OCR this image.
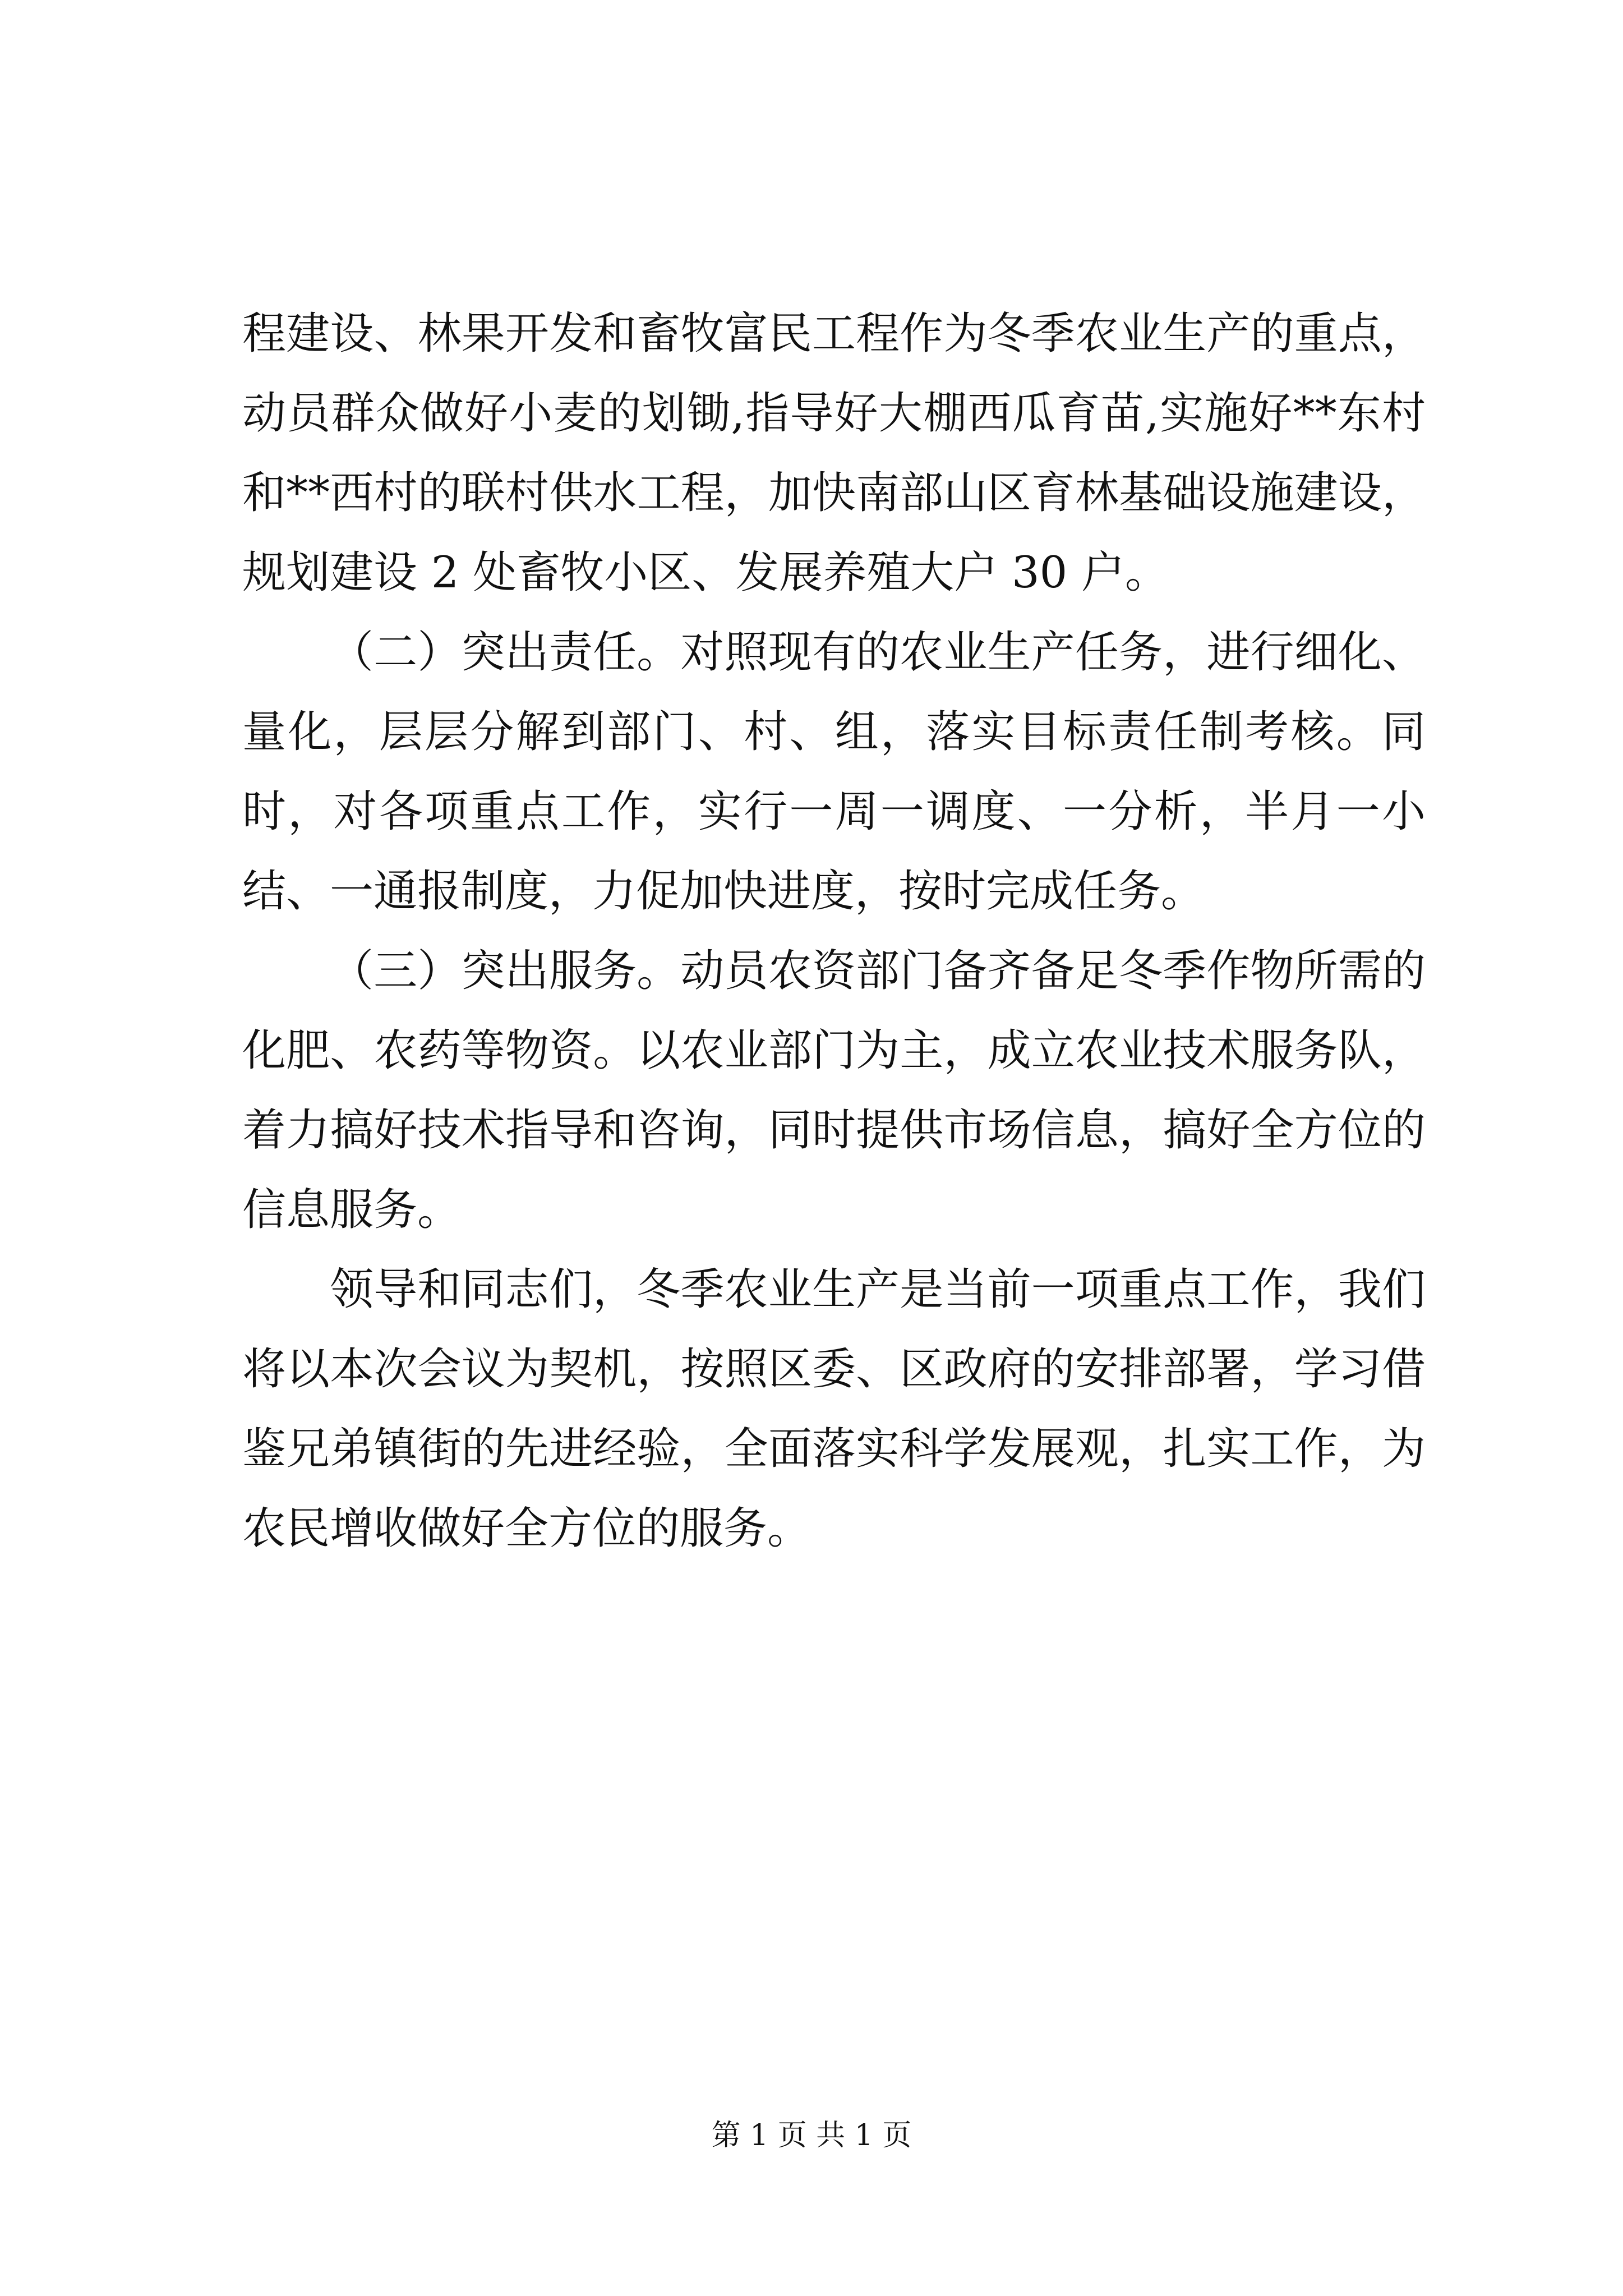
程建设、林果开发和畜牧富民工程作为冬季农业生产的重点，动员群众做好小麦的划锄,指导好大棚西瓜育苗,实施好**东村和**西村的联村供水工程，加快南部山区育林基础设施建设，规划建设 2 处畜牧小区、发展养殖大户 30 户。

（二）突出责任。对照现有的农业生产任务，进行细化、量化，层层分解到部门、村、组，落实目标责任制考核。同时，对各项重点工作，实行一周一调度、一分析，半月一小结、一通报制度，力促加快进度，按时完成任务。

（三）突出服务。动员农资部门备齐备足冬季作物所需的化肥、农药等物资。以农业部门为主，成立农业技术服务队，着力搞好技术指导和咨询，同时提供市场信息，搞好全方位的信息服务。

领导和同志们，冬季农业生产是当前一项重点工作，我们将以本次会议为契机，按照区委、区政府的安排部署，学习借鉴兄弟镇街的先进经验，全面落实科学发展观，扎实工作，为农民增收做好全方位的服务。

第 1 页 共 1 页
